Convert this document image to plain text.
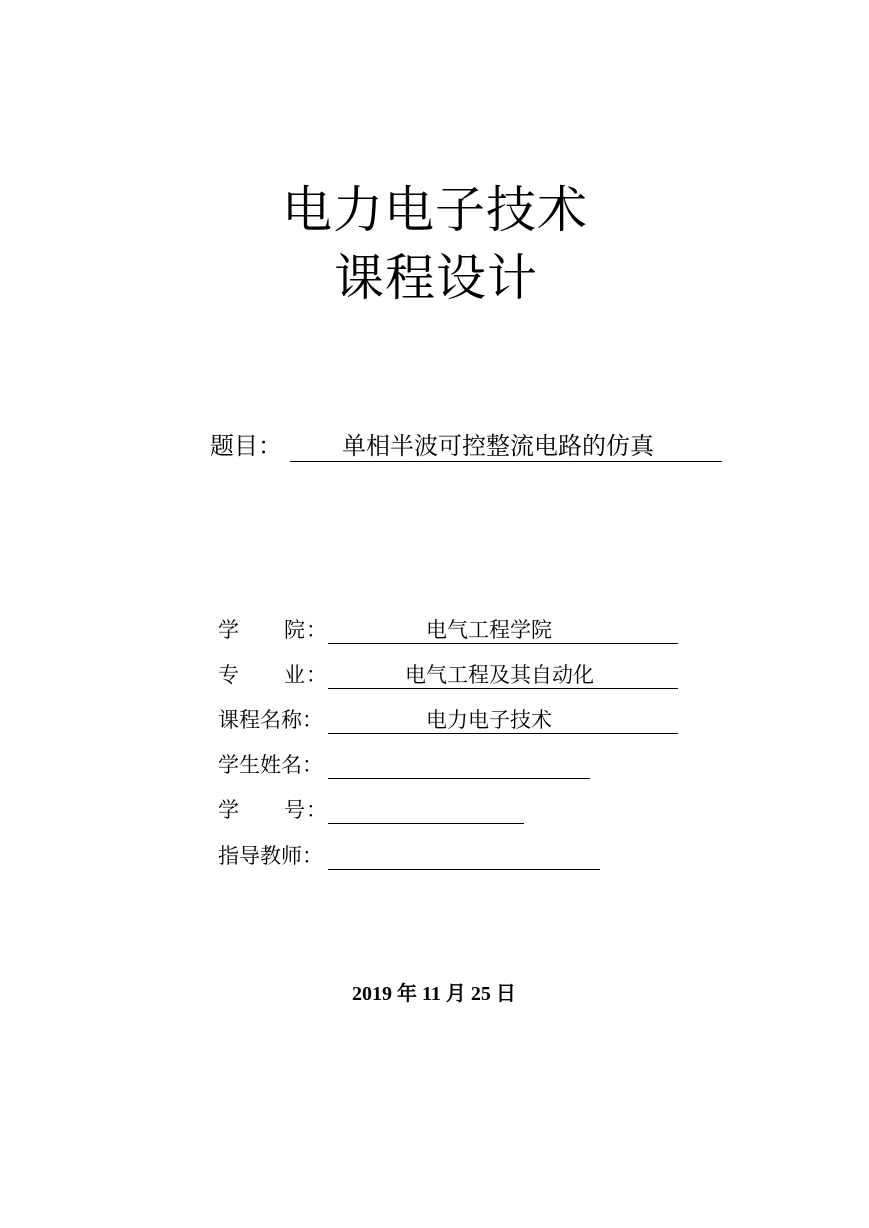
电力电子技术
课程设计
题目：	单相半波可控整流电路的仿真
学 院 ：	电气工程学院
专 业 ：	电气工程及其自动化
课程名称：	电力电子技术
学生姓名：
学 号 ：
指导教师：
2019 年 11 月 25 日
